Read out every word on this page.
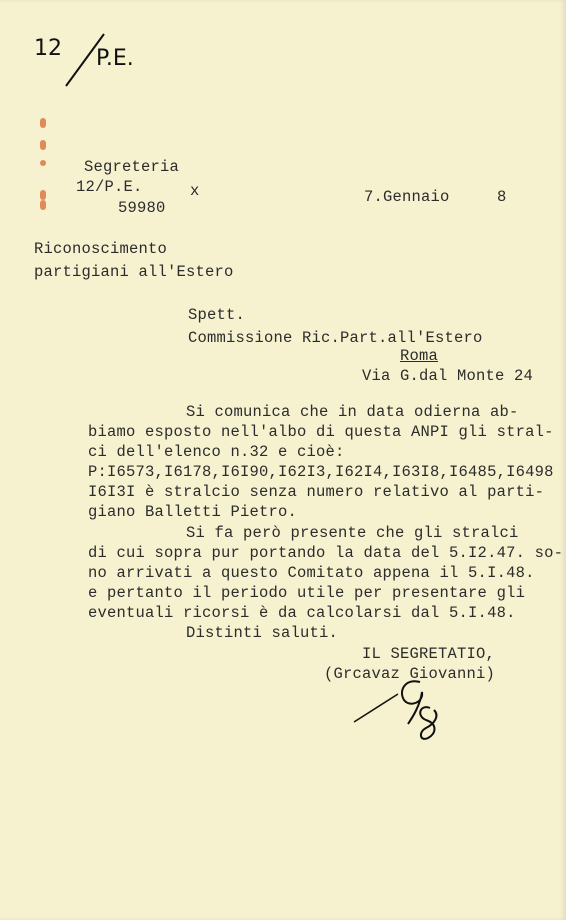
12 P.E.
Segreteria
12/P.E.	x
59980
7.Gennaio     8
Riconoscimento
partigiani all'Estero
Spett.
Commissione Ric.Part.all'Estero
Roma
Via G.dal Monte 24
Si comunica che in data odierna ab-
biamo esposto nell'albo di questa ANPI gli stral-
ci dell'elenco n.32 e cioè:
P:I6573,I6178,I6I90,I62I3,I62I4,I63I8,I6485,I6498
I6I3I è stralcio senza numero relativo al parti-
giano Balletti Pietro.
Si fa però presente che gli stralci
di cui sopra pur portando la data del 5.I2.47. so-
no arrivati a questo Comitato appena il 5.I.48.
e pertanto il periodo utile per presentare gli
eventuali ricorsi è da calcolarsi dal 5.I.48.
Distinti saluti.
IL SEGRETATIO,
(Grcavaz Giovanni)
